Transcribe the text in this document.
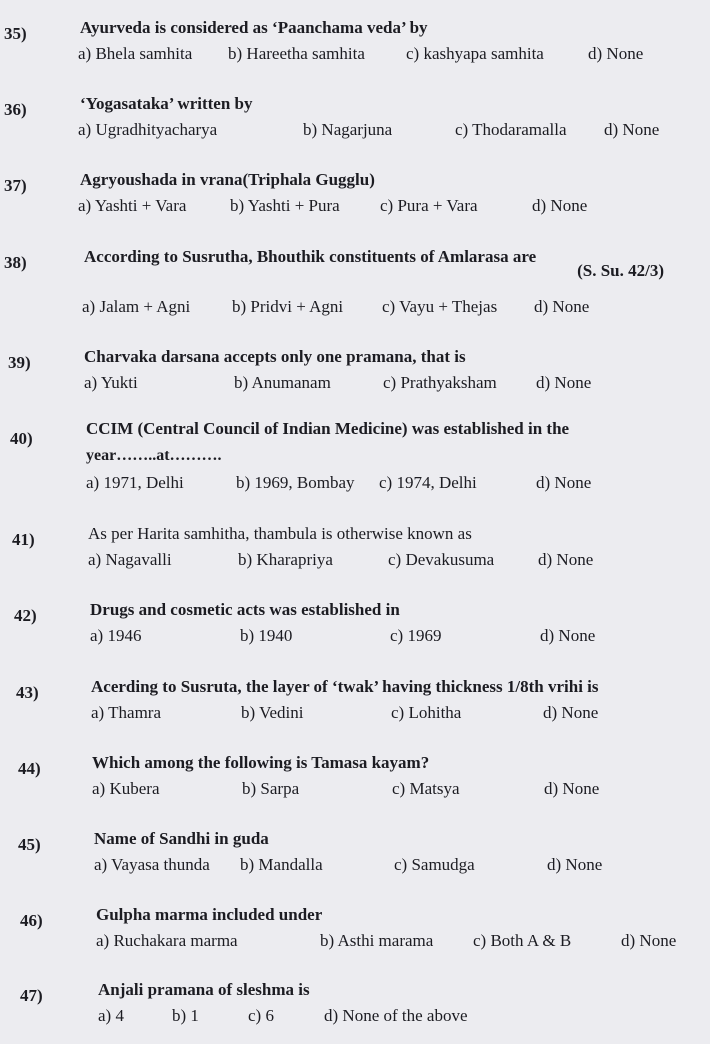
35)	Ayurveda is considered as ‘Paanchama veda’ by
a) Bhela samhita b) Hareetha samhita c) kashyapa samhita	d) None
36)	‘Yogasataka’ written by
a) Ugradhityacharya	b) Nagarjuna	c) Thodaramalla d) None
37)	Agryoushada in vrana(Triphala Gugglu)
a) Yashti + Vara	b) Yashti + Pura c) Pura + Vara	d) None
38)	According to Susrutha, Bhouthik constituents of Amlarasa are
(S. Su. 42/3)
a) Jalam + Agni b) Pridvi + Agni c) Vayu + Thejas d) None
39)	Charvaka darsana accepts only one pramana, that is
a) Yukti	b) Anumanam	c) Prathyaksham d) None
40)
CCIM (Central Council of Indian Medicine) was established in the
year……..at……….
a) 1971, Delhi	b) 1969, Bombay c) 1974, Delhi	d) None
41)	As per Harita samhitha, thambula is otherwise known as
a) Nagavalli	b) Kharapriya	c) Devakusuma	d) None
42)	Drugs and cosmetic acts was established in
a) 1946	b) 1940	c) 1969	d) None
43)	Acerding to Susruta, the layer of ‘twak’ having thickness 1/8th vrihi is
a) Thamra	b) Vedini	c) Lohitha	d) None
44)	Which among the following is Tamasa kayam?
a) Kubera	b) Sarpa	c) Matsya	d) None
45)	Name of Sandhi in guda
a) Vayasa thunda b) Mandalla	c) Samudga	d) None
46)	Gulpha marma included under
a) Ruchakara marma	b) Asthi marama c) Both A & B	d) None
47)	Anjali pramana of sleshma is
a) 4	b) 1	c) 6	d) None of the above
